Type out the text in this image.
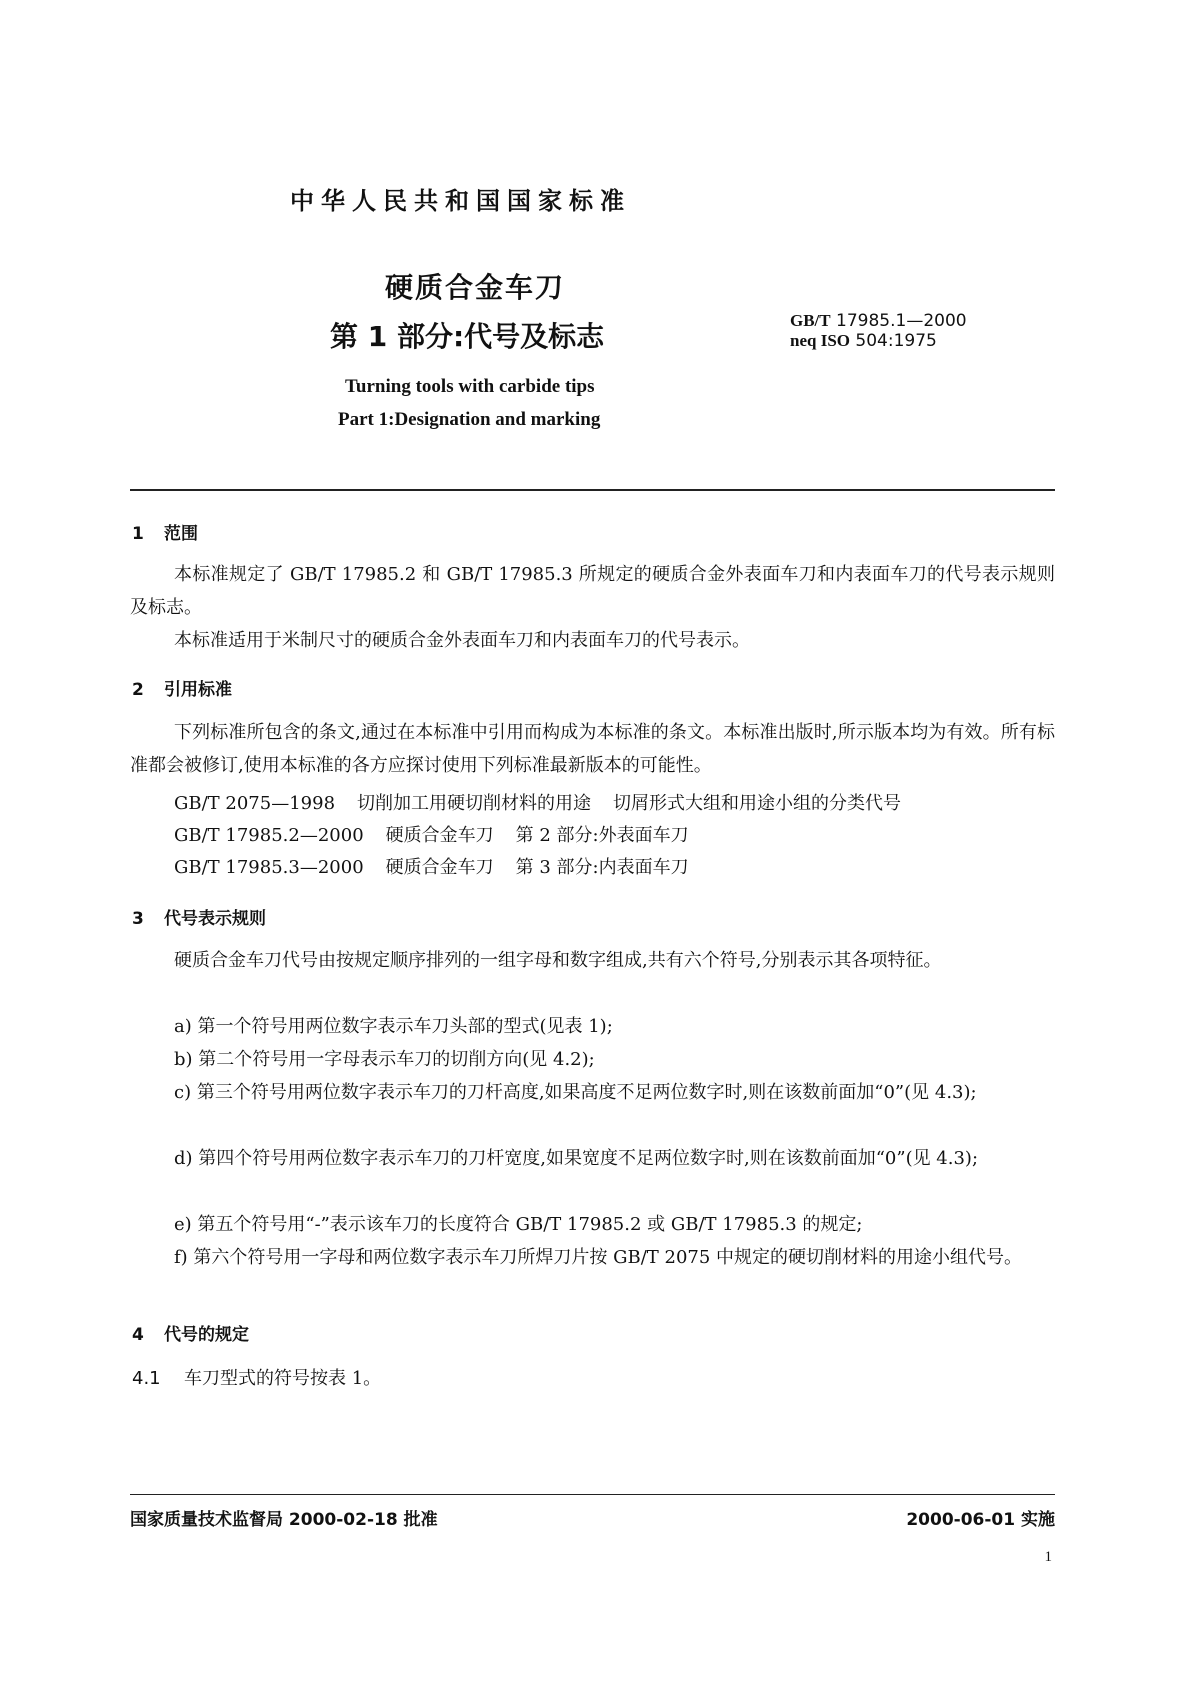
中华人民共和国国家标准
硬质合金车刀
第 1 部分:代号及标志	GB/T 17985.1—2000
neq ISO 504:1975
Turning tools with carbide tips
Part 1:Designation and marking
1 范围
本标准规定了 GB/T 17985.2 和 GB/T 17985.3 所规定的硬质合金外表面车刀和内表面车刀的代号表示规则及标志。
本标准适用于米制尺寸的硬质合金外表面车刀和内表面车刀的代号表示。
2 引用标准
下列标准所包含的条文,通过在本标准中引用而构成为本标准的条文。本标准出版时,所示版本均为有效。所有标准都会被修订,使用本标准的各方应探讨使用下列标准最新版本的可能性。
GB/T 2075—1998 切削加工用硬切削材料的用途 切屑形式大组和用途小组的分类代号
GB/T 17985.2—2000 硬质合金车刀 第 2 部分:外表面车刀
GB/T 17985.3—2000 硬质合金车刀 第 3 部分:内表面车刀
3 代号表示规则
硬质合金车刀代号由按规定顺序排列的一组字母和数字组成,共有六个符号,分别表示其各项特征。
a) 第一个符号用两位数字表示车刀头部的型式(见表 1);
b) 第二个符号用一字母表示车刀的切削方向(见 4.2);
c) 第三个符号用两位数字表示车刀的刀杆高度,如果高度不足两位数字时,则在该数前面加“0”(见 4.3);
d) 第四个符号用两位数字表示车刀的刀杆宽度,如果宽度不足两位数字时,则在该数前面加“0”(见 4.3);
e) 第五个符号用“-”表示该车刀的长度符合 GB/T 17985.2 或 GB/T 17985.3 的规定;
f) 第六个符号用一字母和两位数字表示车刀所焊刀片按 GB/T 2075 中规定的硬切削材料的用途小组代号。
4 代号的规定
4.1 车刀型式的符号按表 1。
国家质量技术监督局 2000-02-18 批准	2000-06-01 实施
1
